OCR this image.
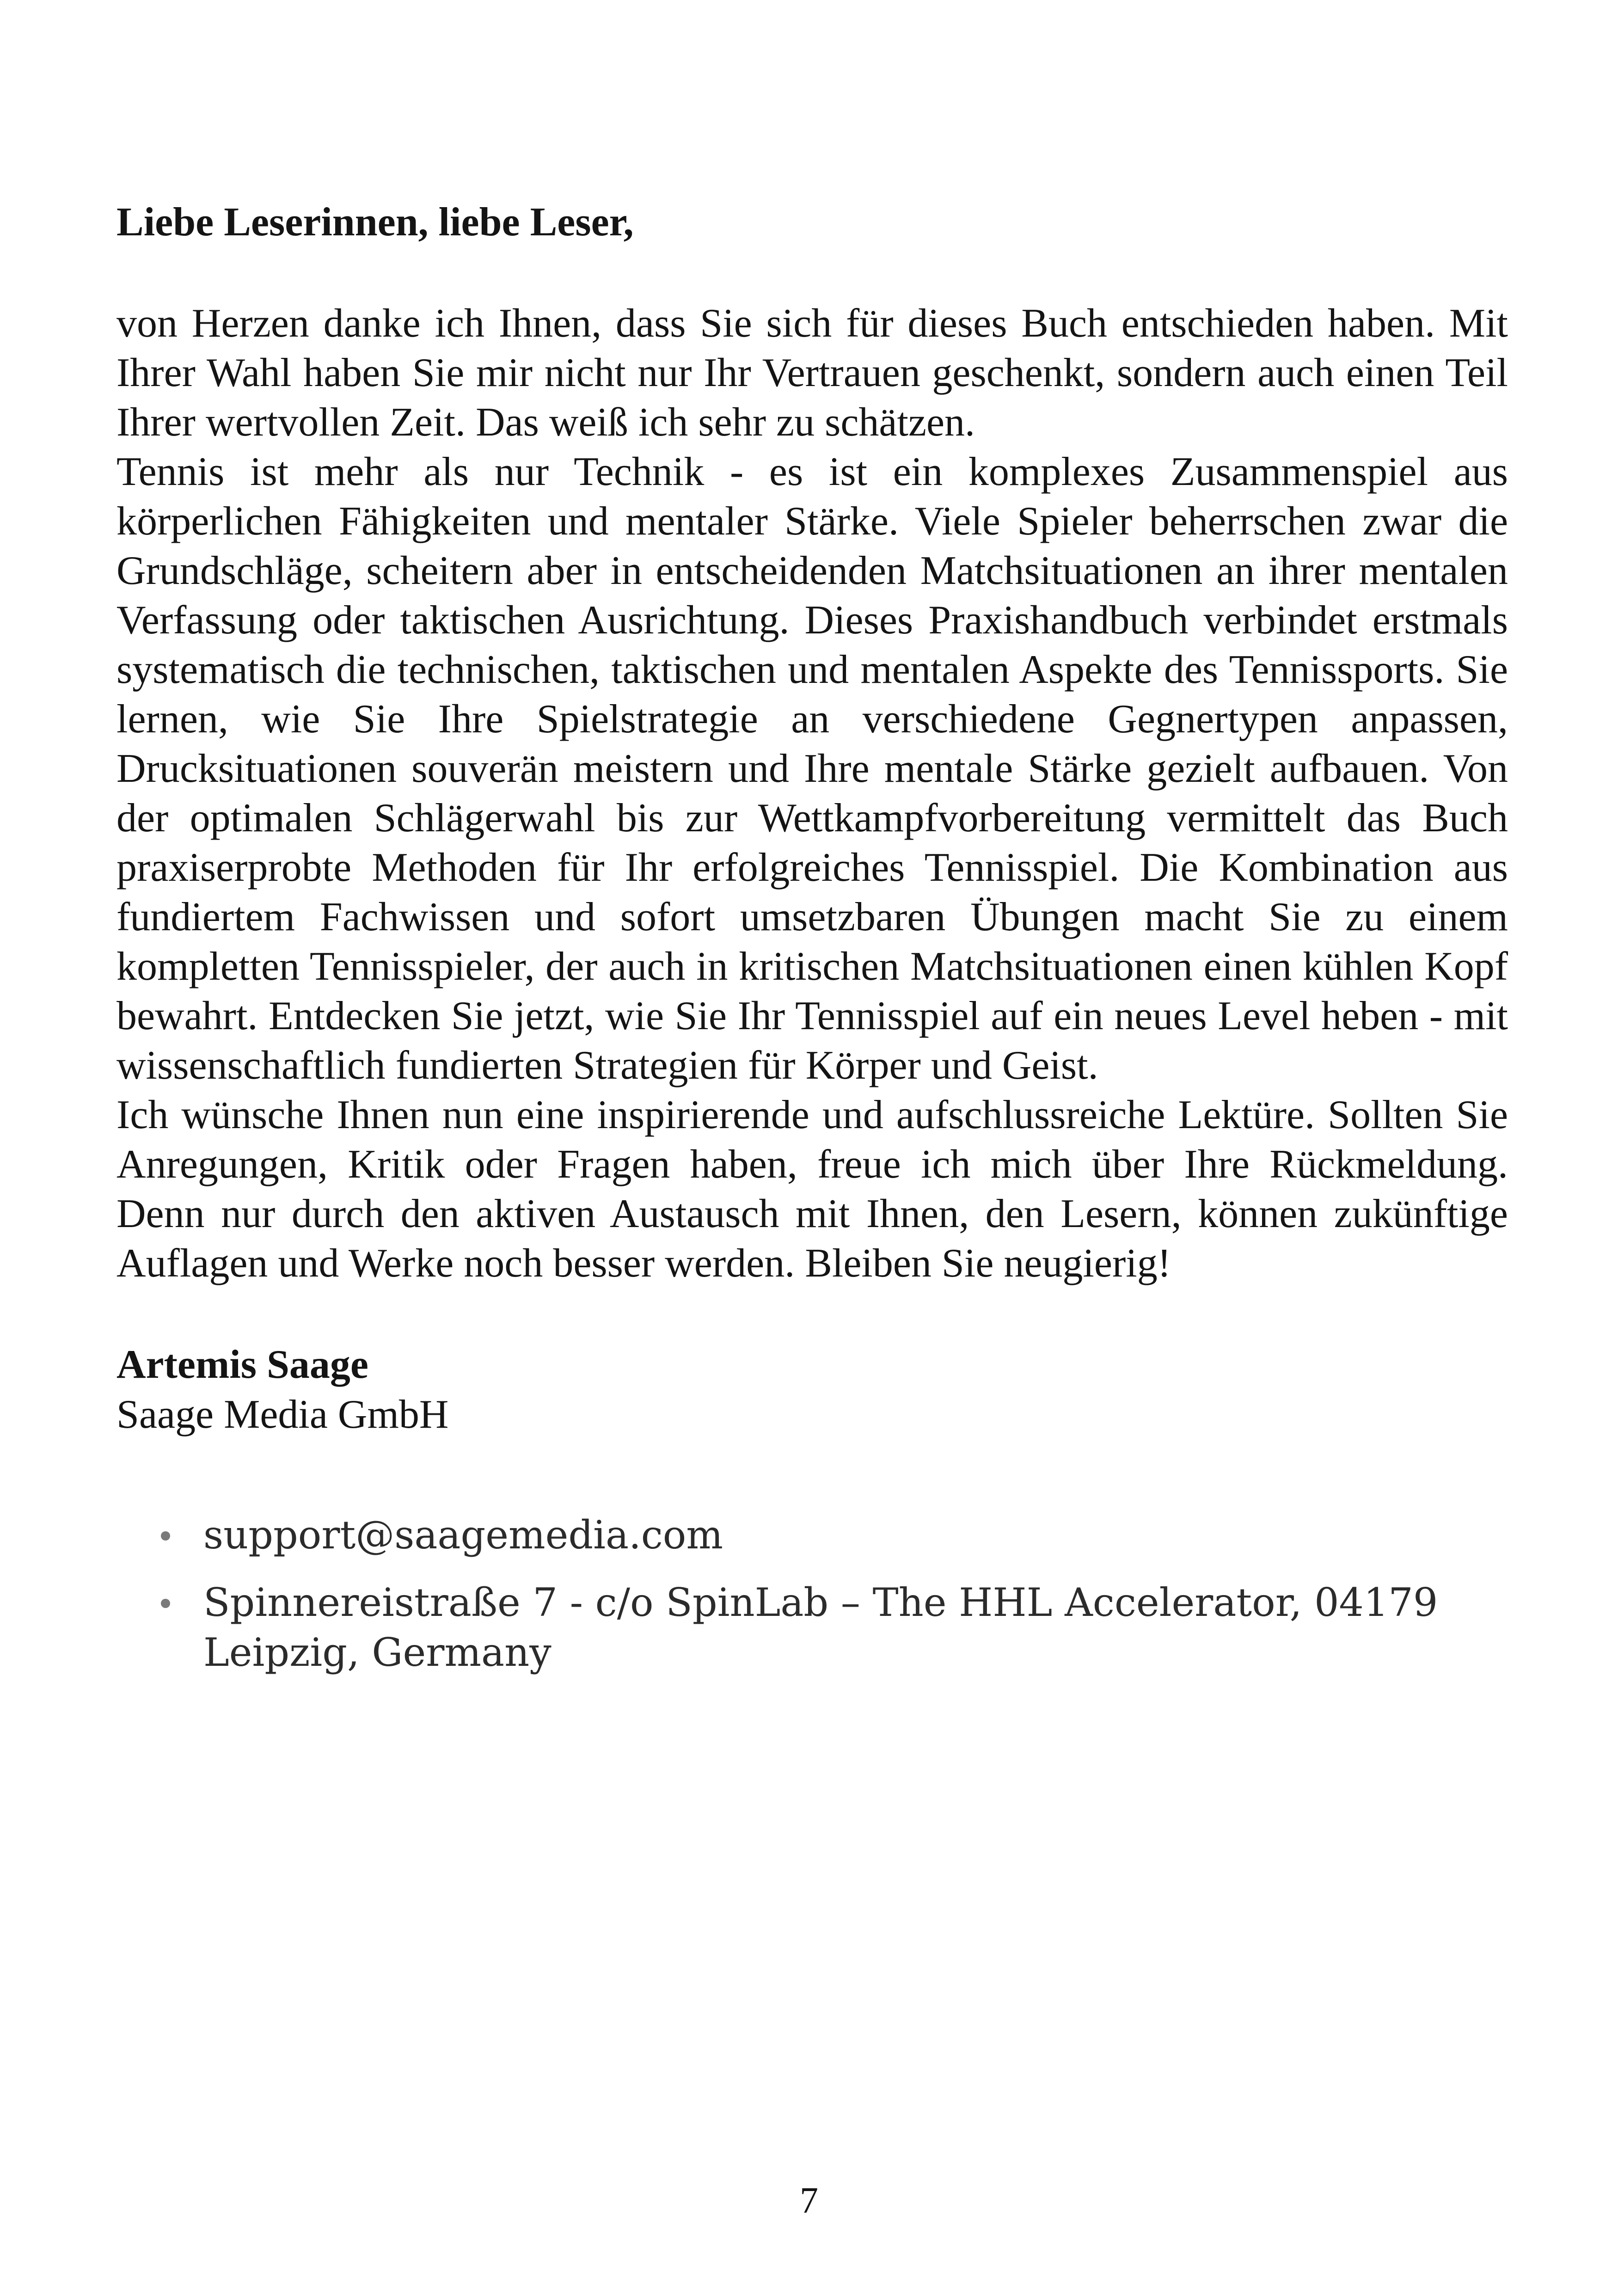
Liebe Leserinnen, liebe Leser,

von Herzen danke ich Ihnen, dass Sie sich für dieses Buch entschieden haben. Mit Ihrer Wahl haben Sie mir nicht nur Ihr Vertrauen geschenkt, sondern auch einen Teil Ihrer wertvollen Zeit. Das weiß ich sehr zu schätzen.

Tennis ist mehr als nur Technik - es ist ein komplexes Zusammenspiel aus körperlichen Fähigkeiten und mentaler Stärke. Viele Spieler beherrschen zwar die Grundschläge, scheitern aber in entscheidenden Matchsituationen an ihrer mentalen Verfassung oder taktischen Ausrichtung. Dieses Praxishandbuch verbindet erstmals systematisch die technischen, taktischen und mentalen Aspekte des Tennissports. Sie lernen, wie Sie Ihre Spielstrategie an verschiedene Gegnertypen anpassen, Drucksituationen souverän meistern und Ihre mentale Stärke gezielt aufbauen. Von der optimalen Schlägerwahl bis zur Wettkampfvorbereitung vermittelt das Buch praxiserprobte Methoden für Ihr erfolgreiches Tennisspiel. Die Kombination aus fundiertem Fachwissen und sofort umsetzbaren Übungen macht Sie zu einem kompletten Tennisspieler, der auch in kritischen Matchsituationen einen kühlen Kopf bewahrt. Entdecken Sie jetzt, wie Sie Ihr Tennisspiel auf ein neues Level heben - mit wissenschaftlich fundierten Strategien für Körper und Geist.

Ich wünsche Ihnen nun eine inspirierende und aufschlussreiche Lektüre. Sollten Sie Anregungen, Kritik oder Fragen haben, freue ich mich über Ihre Rückmeldung. Denn nur durch den aktiven Austausch mit Ihnen, den Lesern, können zukünftige Auflagen und Werke noch besser werden. Bleiben Sie neugierig!

Artemis Saage

Saage Media GmbH

support@saagemedia.com
Spinnereistraße 7 - c/o SpinLab – The HHL Accelerator, 04179 Leipzig, Germany
7
